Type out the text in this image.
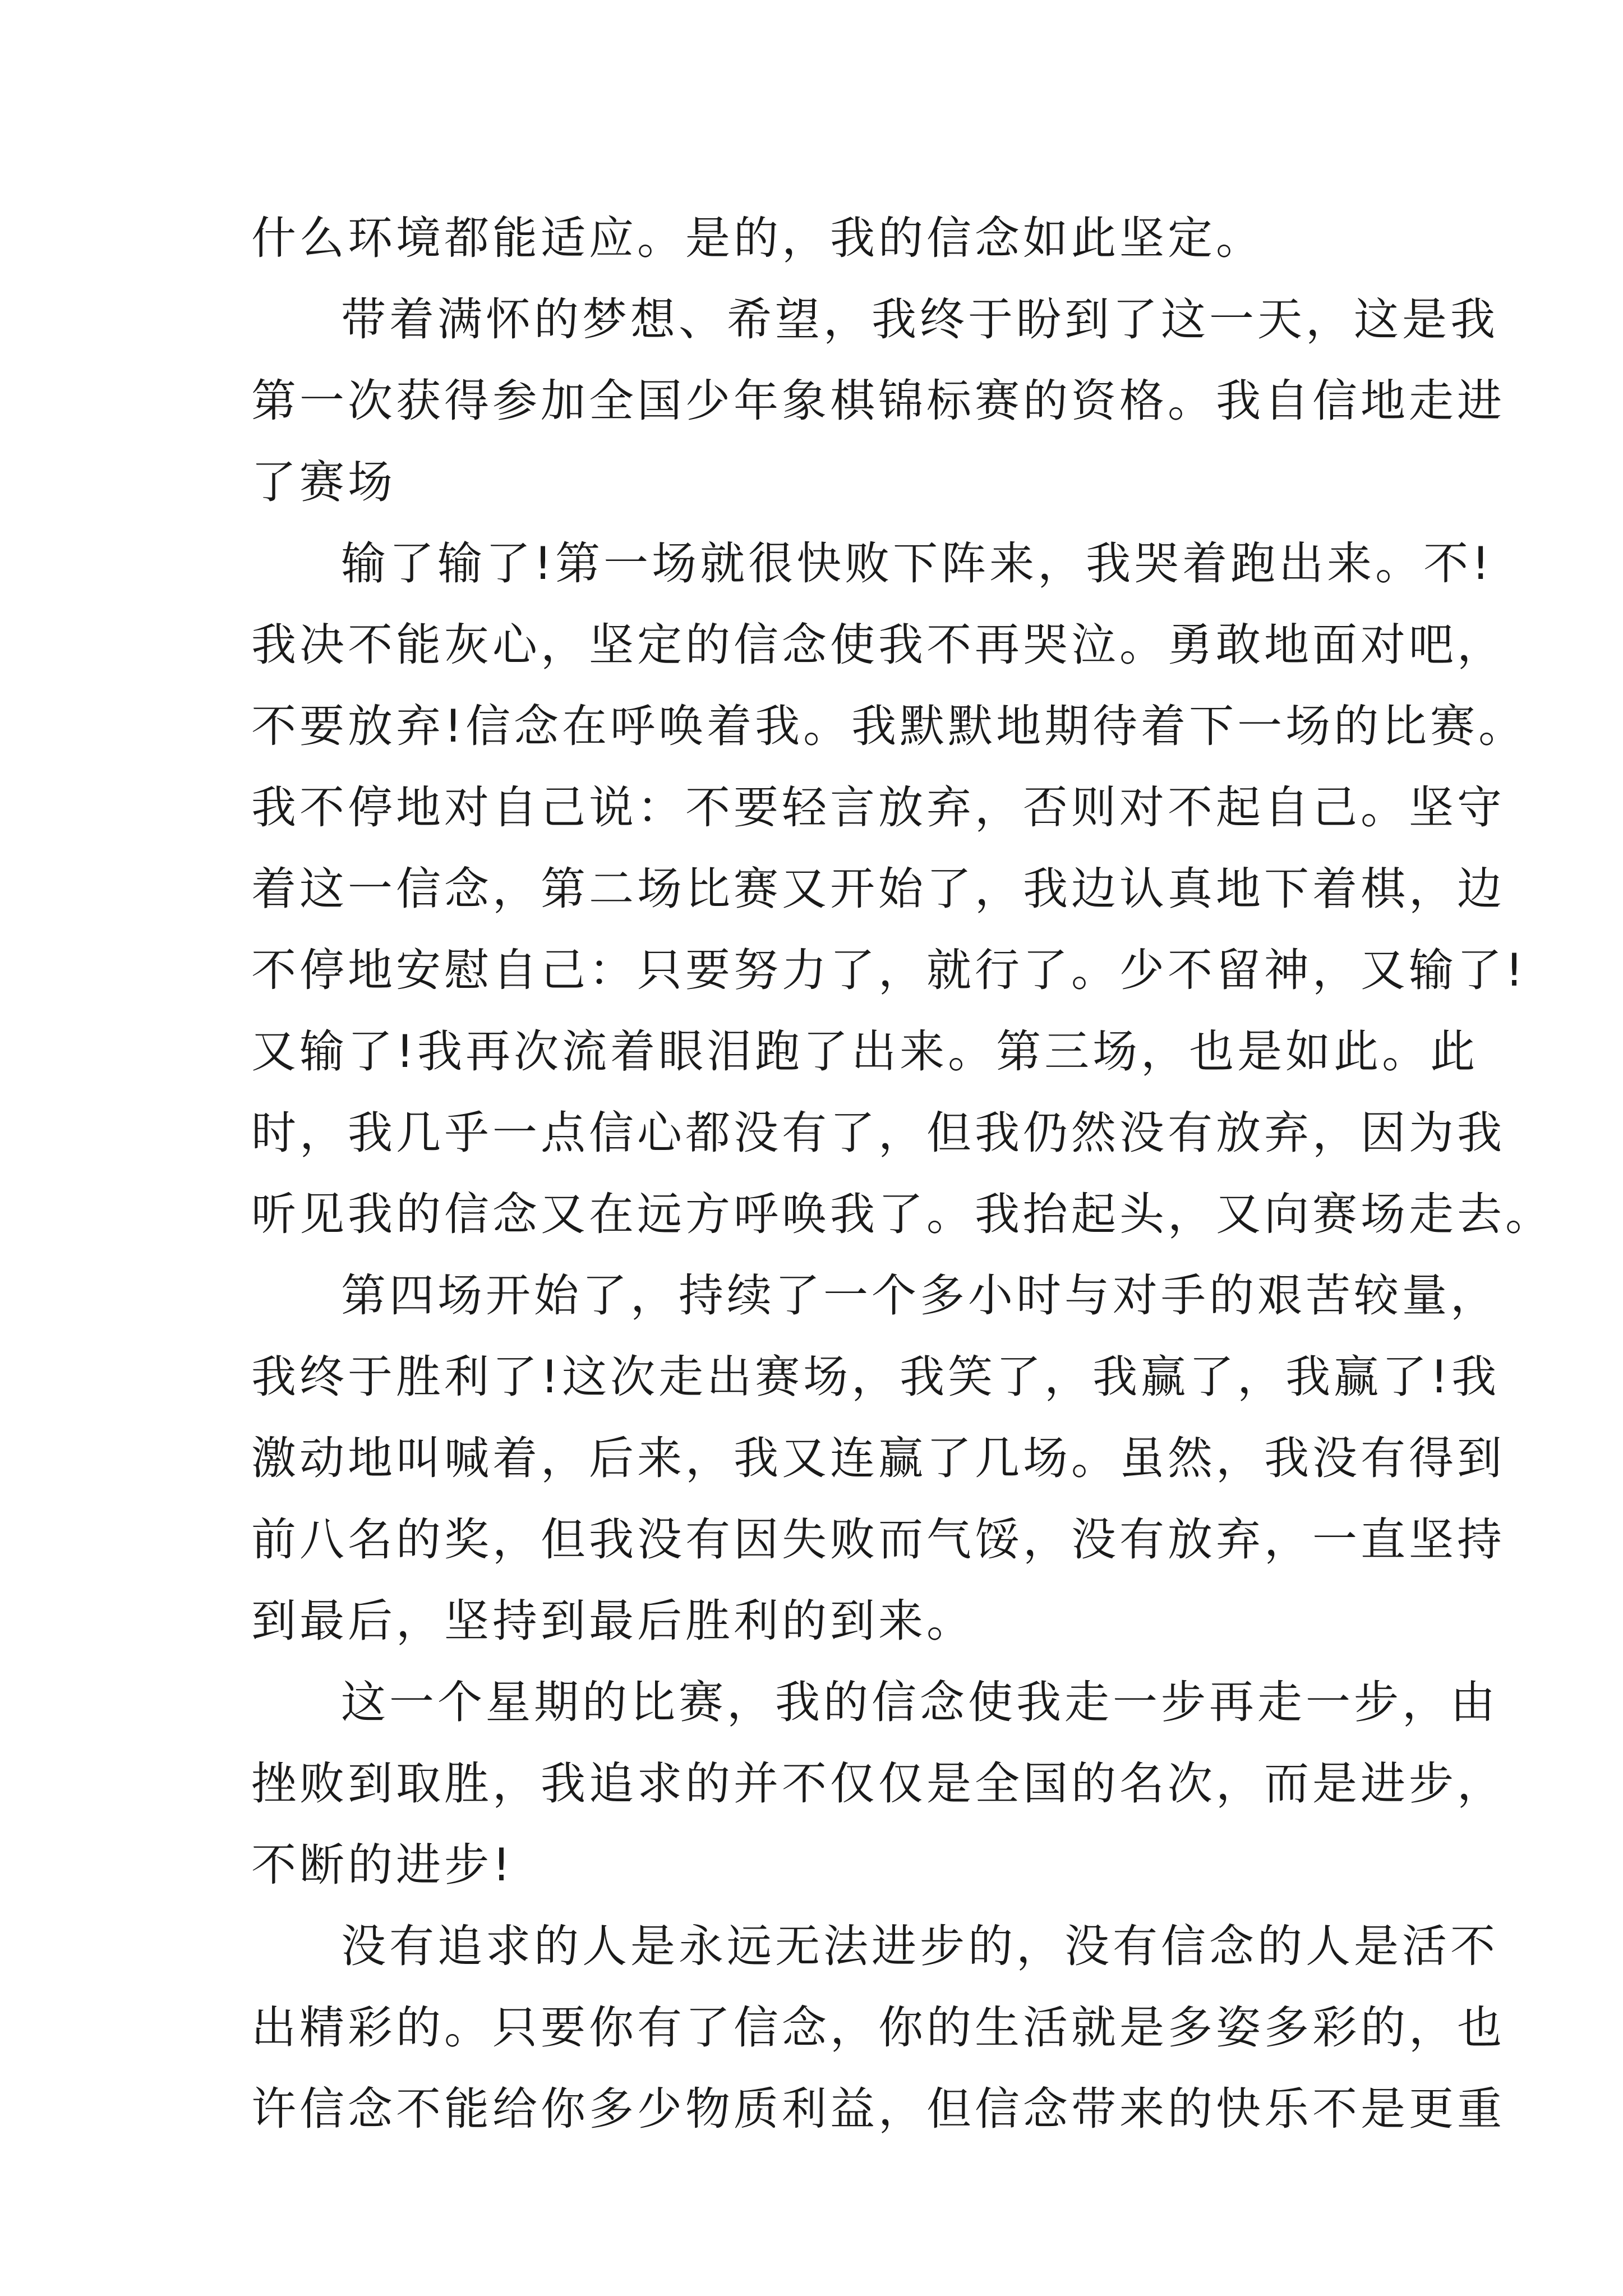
什么环境都能适应。是的，我的信念如此坚定。
带着满怀的梦想、希望，我终于盼到了这一天，这是我
第一次获得参加全国少年象棋锦标赛的资格。我自信地走进
了赛场
输了输了!第一场就很快败下阵来，我哭着跑出来。不!
我决不能灰心，坚定的信念使我不再哭泣。勇敢地面对吧，
不要放弃!信念在呼唤着我。我默默地期待着下一场的比赛。
我不停地对自己说：不要轻言放弃，否则对不起自己。坚守
着这一信念，第二场比赛又开始了，我边认真地下着棋，边
不停地安慰自己：只要努力了，就行了。少不留神，又输了!
又输了!我再次流着眼泪跑了出来。第三场，也是如此。此
时，我几乎一点信心都没有了，但我仍然没有放弃，因为我
听见我的信念又在远方呼唤我了。我抬起头，又向赛场走去。
第四场开始了，持续了一个多小时与对手的艰苦较量，
我终于胜利了!这次走出赛场，我笑了，我赢了，我赢了!我
激动地叫喊着，后来，我又连赢了几场。虽然，我没有得到
前八名的奖，但我没有因失败而气馁，没有放弃，一直坚持
到最后，坚持到最后胜利的到来。
这一个星期的比赛，我的信念使我走一步再走一步，由
挫败到取胜，我追求的并不仅仅是全国的名次，而是进步，
不断的进步!
没有追求的人是永远无法进步的，没有信念的人是活不
出精彩的。只要你有了信念，你的生活就是多姿多彩的，也
许信念不能给你多少物质利益，但信念带来的快乐不是更重
